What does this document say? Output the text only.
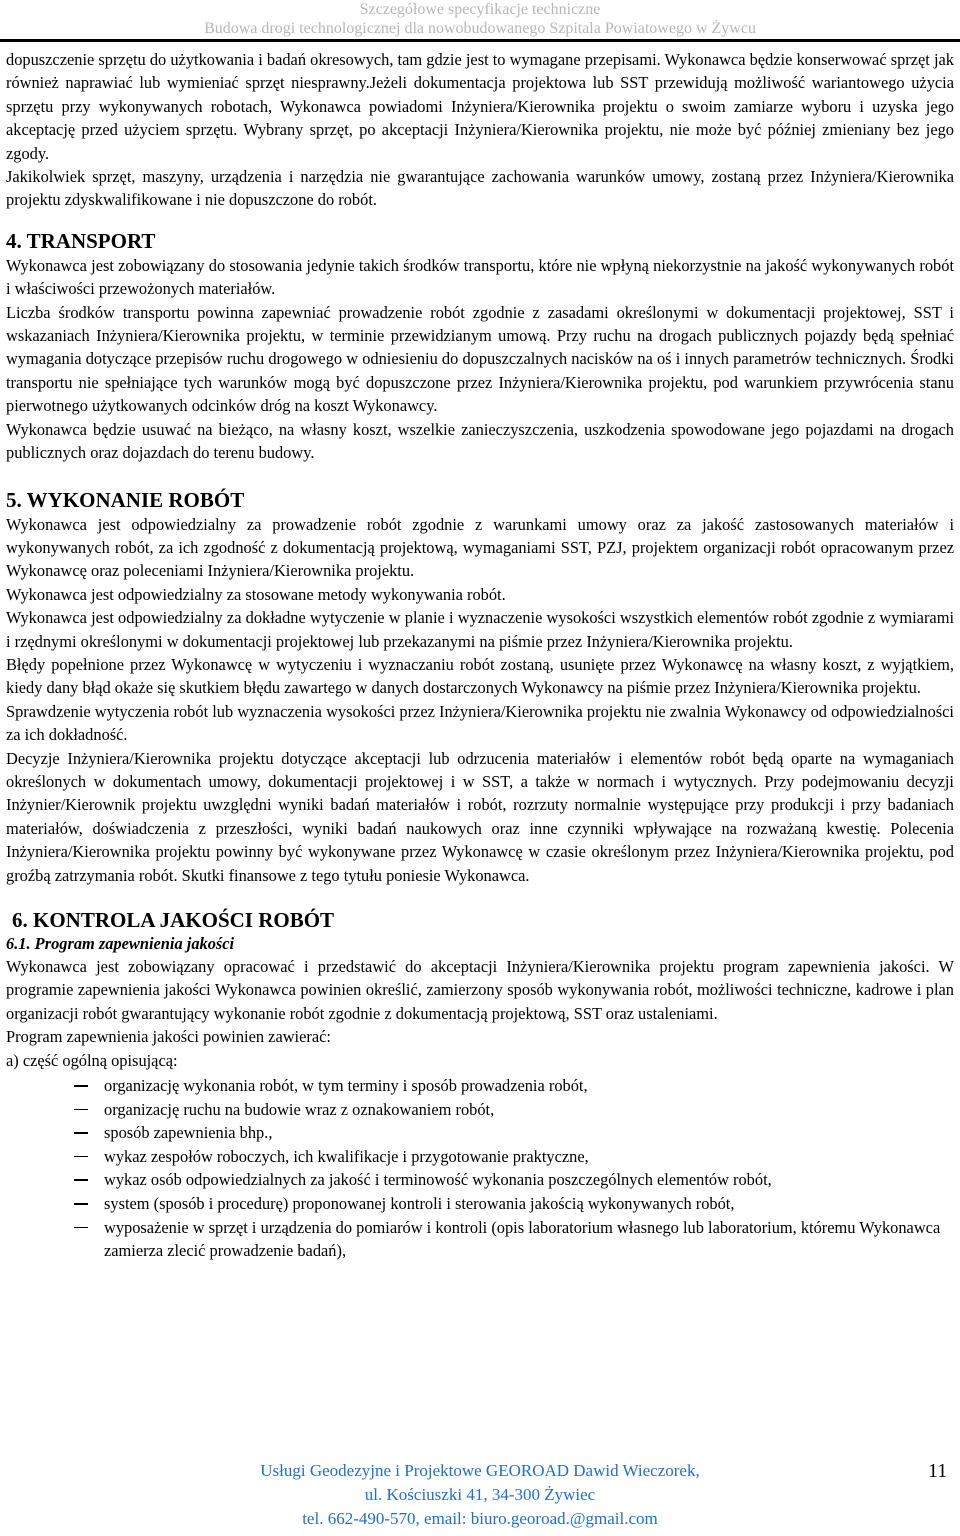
Szczegółowe specyfikacje techniczne
Budowa drogi technologicznej dla nowobudowanego Szpitala Powiatowego w Żywcu

dopuszczenie sprzętu do użytkowania i badań okresowych, tam gdzie jest to wymagane przepisami. Wykonawca będzie konserwować sprzęt jak również naprawiać lub wymieniać sprzęt niesprawny.Jeżeli dokumentacja projektowa lub SST przewidują możliwość wariantowego użycia sprzętu przy wykonywanych robotach, Wykonawca powiadomi Inżyniera/Kierownika projektu o swoim zamiarze wyboru i uzyska jego akceptację przed użyciem sprzętu. Wybrany sprzęt, po akceptacji Inżyniera/Kierownika projektu, nie może być później zmieniany bez jego zgody.

Jakikolwiek sprzęt, maszyny, urządzenia i narzędzia nie gwarantujące zachowania warunków umowy, zostaną przez Inżyniera/Kierownika projektu zdyskwalifikowane i nie dopuszczone do robót.

4. TRANSPORT

Wykonawca jest zobowiązany do stosowania jedynie takich środków transportu, które nie wpłyną niekorzystnie na jakość wykonywanych robót i właściwości przewożonych materiałów.

Liczba środków transportu powinna zapewniać prowadzenie robót zgodnie z zasadami określonymi w dokumentacji projektowej, SST i wskazaniach Inżyniera/Kierownika projektu, w terminie przewidzianym umową. Przy ruchu na drogach publicznych pojazdy będą spełniać wymagania dotyczące przepisów ruchu drogowego w odniesieniu do dopuszczalnych nacisków na oś i innych parametrów technicznych. Środki transportu nie spełniające tych warunków mogą być dopuszczone przez Inżyniera/Kierownika projektu, pod warunkiem przywrócenia stanu pierwotnego użytkowanych odcinków dróg na koszt Wykonawcy.

Wykonawca będzie usuwać na bieżąco, na własny koszt, wszelkie zanieczyszczenia, uszkodzenia spowodowane jego pojazdami na drogach publicznych oraz dojazdach do terenu budowy.

5. WYKONANIE ROBÓT

Wykonawca jest odpowiedzialny za prowadzenie robót zgodnie z warunkami umowy oraz za jakość zastosowanych materiałów i wykonywanych robót, za ich zgodność z dokumentacją projektową, wymaganiami SST, PZJ, projektem organizacji robót opracowanym przez Wykonawcę oraz poleceniami Inżyniera/Kierownika projektu.

Wykonawca jest odpowiedzialny za stosowane metody wykonywania robót.

Wykonawca jest odpowiedzialny za dokładne wytyczenie w planie i wyznaczenie wysokości wszystkich elementów robót zgodnie z wymiarami i rzędnymi określonymi w dokumentacji projektowej lub przekazanymi na piśmie przez Inżyniera/Kierownika projektu.

Błędy popełnione przez Wykonawcę w wytyczeniu i wyznaczaniu robót zostaną, usunięte przez Wykonawcę na własny koszt, z wyjątkiem, kiedy dany błąd okaże się skutkiem błędu zawartego w danych dostarczonych Wykonawcy na piśmie przez Inżyniera/Kierownika projektu.

Sprawdzenie wytyczenia robót lub wyznaczenia wysokości przez Inżyniera/Kierownika projektu nie zwalnia Wykonawcy od odpowiedzialności za ich dokładność.

Decyzje Inżyniera/Kierownika projektu dotyczące akceptacji lub odrzucenia materiałów i elementów robót będą oparte na wymaganiach określonych w dokumentach umowy, dokumentacji projektowej i w SST, a także w normach i wytycznych. Przy podejmowaniu decyzji Inżynier/Kierownik projektu uwzględni wyniki badań materiałów i robót, rozrzuty normalnie występujące przy produkcji i przy badaniach materiałów, doświadczenia z przeszłości, wyniki badań naukowych oraz inne czynniki wpływające na rozważaną kwestię. Polecenia Inżyniera/Kierownika projektu powinny być wykonywane przez Wykonawcę w czasie określonym przez Inżyniera/Kierownika projektu, pod groźbą zatrzymania robót. Skutki finansowe z tego tytułu poniesie Wykonawca.

6. KONTROLA JAKOŚCI ROBÓT
6.1. Program zapewnienia jakości

Wykonawca jest zobowiązany opracować i przedstawić do akceptacji Inżyniera/Kierownika projektu program zapewnienia jakości. W programie zapewnienia jakości Wykonawca powinien określić, zamierzony sposób wykonywania robót, możliwości techniczne, kadrowe i plan organizacji robót gwarantujący wykonanie robót zgodnie z dokumentacją projektową, SST oraz ustaleniami.

Program zapewnienia jakości powinien zawierać:

a) część ogólną opisującą:

organizację wykonania robót, w tym terminy i sposób prowadzenia robót,
organizację ruchu na budowie wraz z oznakowaniem robót,
sposób zapewnienia bhp.,
wykaz zespołów roboczych, ich kwalifikacje i przygotowanie praktyczne,
wykaz osób odpowiedzialnych za jakość i terminowość wykonania poszczególnych elementów robót,
system (sposób i procedurę) proponowanej kontroli i sterowania jakością wykonywanych robót,
wyposażenie w sprzęt i urządzenia do pomiarów i kontroli (opis laboratorium własnego lub laboratorium, któremu Wykonawca zamierza zlecić prowadzenie badań),
Usługi Geodezyjne i Projektowe GEOROAD Dawid Wieczorek,
ul. Kościuszki 41, 34-300 Żywiec
tel. 662-490-570, email: biuro.georoad.@gmail.com
11
